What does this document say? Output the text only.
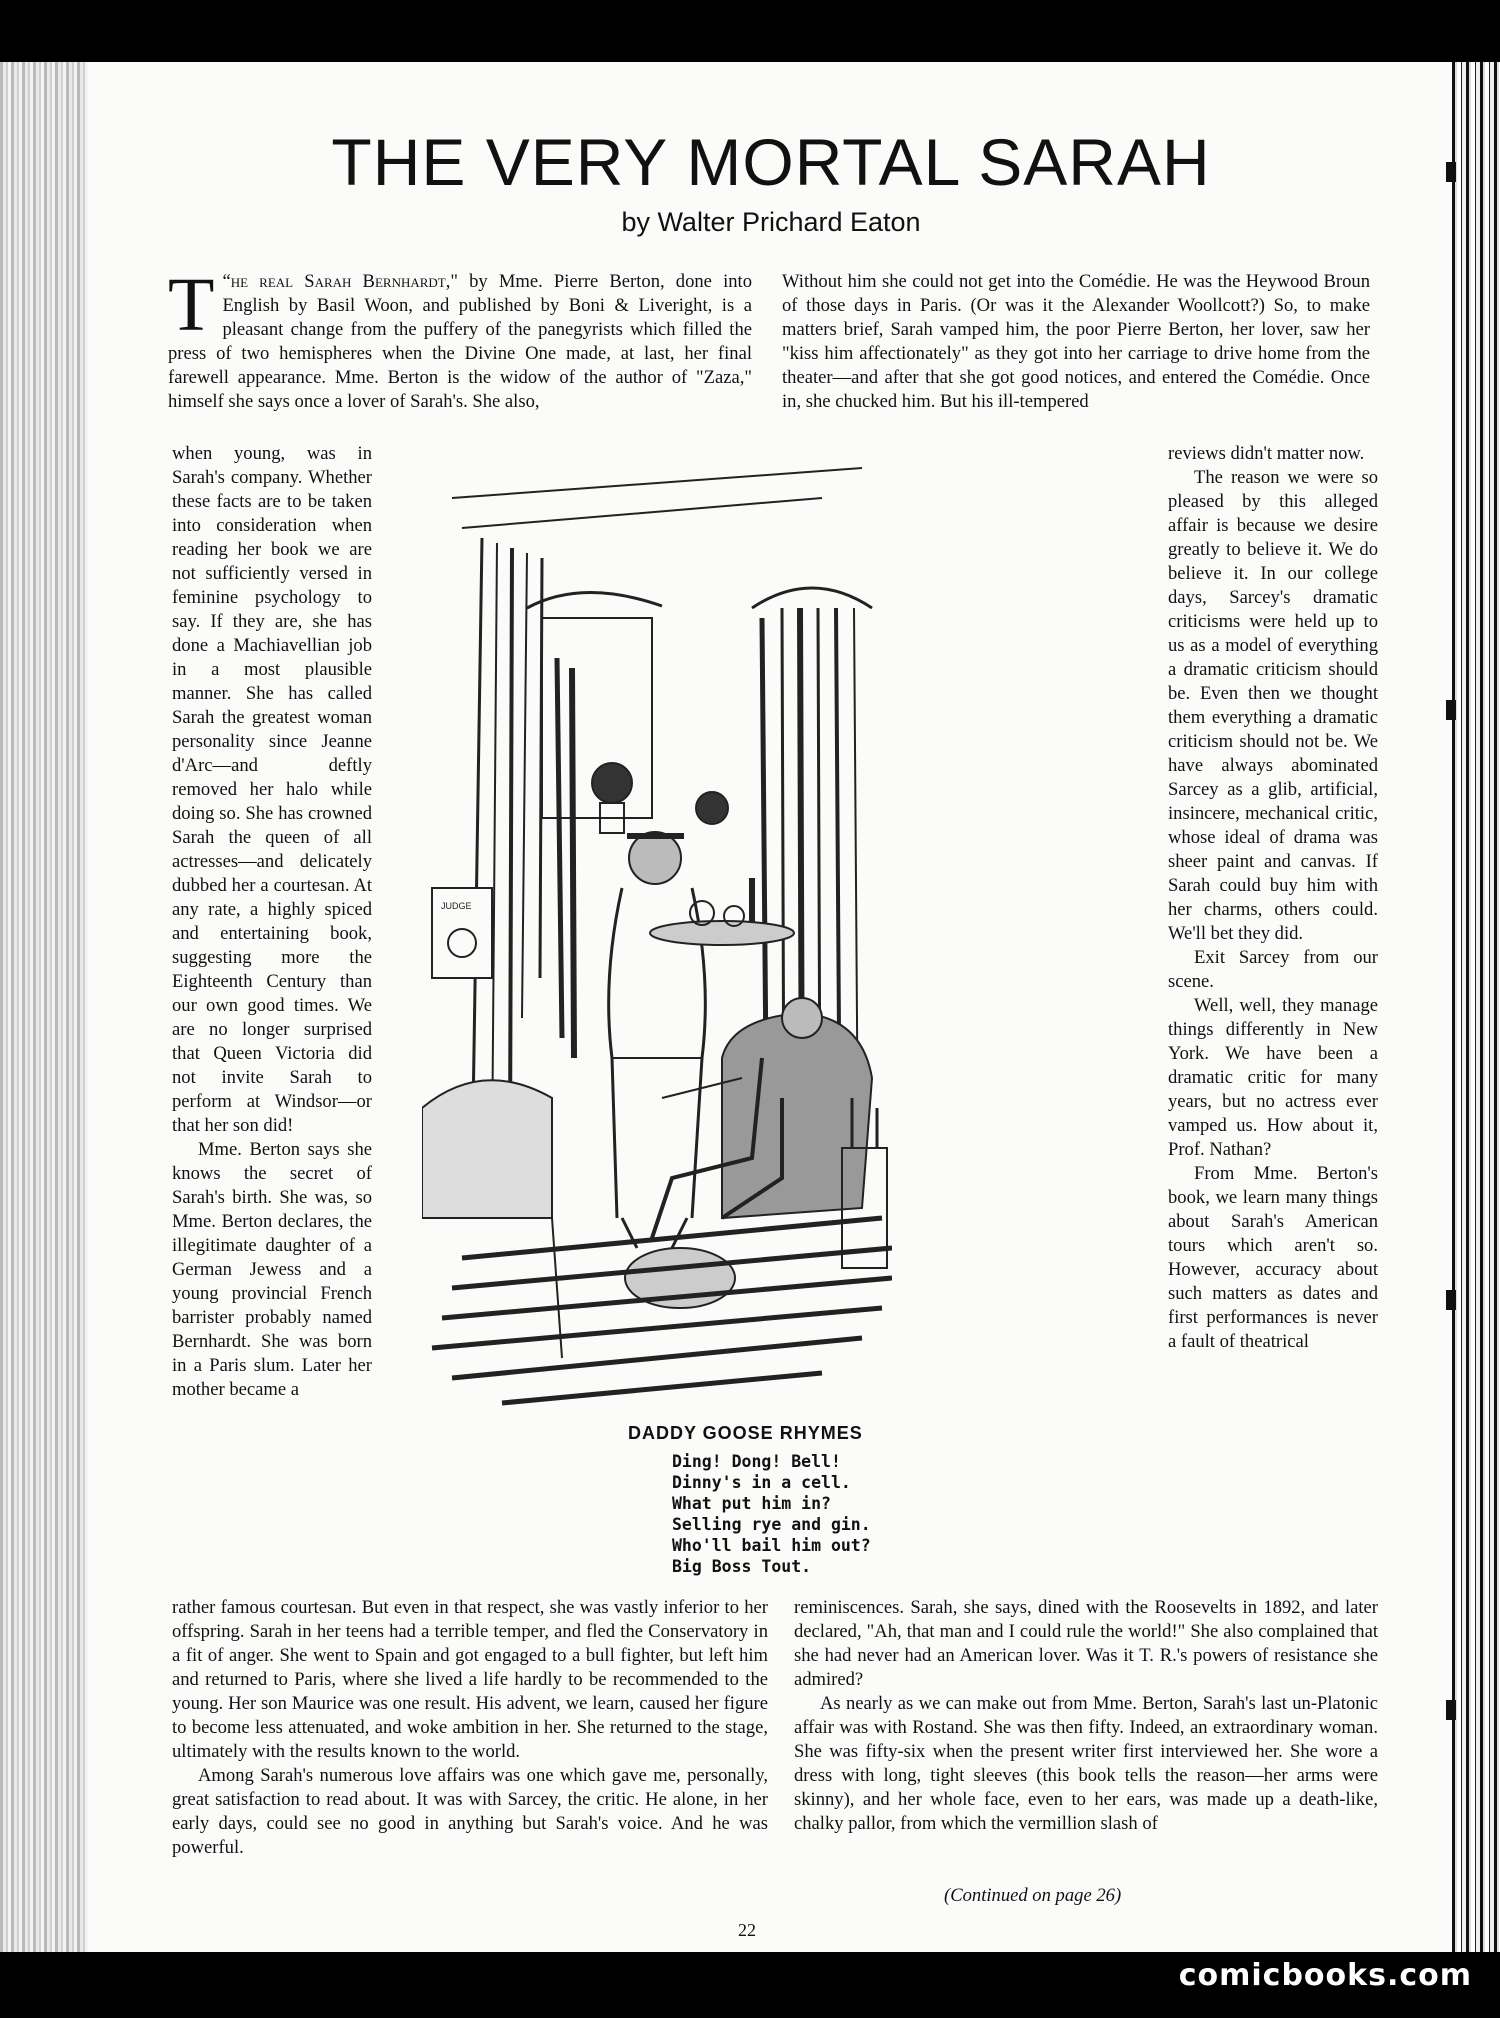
THE VERY MORTAL SARAH
by Walter Prichard Eaton

“
T he real Sarah Bernhardt," by Mme. Pierre Berton, done into English by Basil Woon, and published by Boni & Liveright, is a pleasant change from the puffery of the panegyrists which filled the press of two hemispheres when the Divine One made, at last, her final farewell appearance. Mme. Berton is the widow of the author of "Zaza," himself she says once a lover of Sarah's. She also,

Without him she could not get into the Comédie. He was the Heywood Broun of those days in Paris. (Or was it the Alexander Woollcott?) So, to make matters brief, Sarah vamped him, the poor Pierre Berton, her lover, saw her "kiss him affectionately" as they got into her carriage to drive home from the theater—and after that she got good notices, and entered the Comédie. Once in, she chucked him. But his ill-tempered

when young, was in Sarah's company. Whether these facts are to be taken into consideration when reading her book we are not sufficiently versed in feminine psychology to say. If they are, she has done a Machiavellian job in a most plausible manner. She has called Sarah the greatest woman personality since Jeanne d'Arc—and deftly removed her halo while doing so. She has crowned Sarah the queen of all actresses—and delicately dubbed her a courtesan. At any rate, a highly spiced and entertaining book, suggesting more the Eighteenth Century than our own good times. We are no longer surprised that Queen Victoria did not invite Sarah to perform at Windsor—or that her son did!

Mme. Berton says she knows the secret of Sarah's birth. She was, so Mme. Berton declares, the illegitimate daughter of a German Jewess and a young provincial French barrister probably named Bernhardt. She was born in a Paris slum. Later her mother became a

reviews didn't matter now.

The reason we were so pleased by this alleged affair is because we desire greatly to believe it. We do believe it. In our college days, Sarcey's dramatic criticisms were held up to us as a model of everything a dramatic criticism should be. Even then we thought them everything a dramatic criticism should not be. We have always abominated Sarcey as a glib, artificial, insincere, mechanical critic, whose ideal of drama was sheer paint and canvas. If Sarah could buy him with her charms, others could. We'll bet they did.

Exit Sarcey from our scene.

Well, well, they manage things differently in New York. We have been a dramatic critic for many years, but no actress ever vamped us. How about it, Prof. Nathan?

From Mme. Berton's book, we learn many things about Sarah's American tours which aren't so. However, accuracy about such matters as dates and first performances is never a fault of theatrical

rather famous courtesan. But even in that respect, she was vastly inferior to her offspring. Sarah in her teens had a terrible temper, and fled the Conservatory in a fit of anger. She went to Spain and got engaged to a bull fighter, but left him and returned to Paris, where she lived a life hardly to be recommended to the young. Her son Maurice was one result. His advent, we learn, caused her figure to become less attenuated, and woke ambition in her. She returned to the stage, ultimately with the results known to the world.

Among Sarah's numerous love affairs was one which gave me, personally, great satisfaction to read about. It was with Sarcey, the critic. He alone, in her early days, could see no good in anything but Sarah's voice. And he was powerful.

reminiscences. Sarah, she says, dined with the Roosevelts in 1892, and later declared, "Ah, that man and I could rule the world!" She also complained that she had never had an American lover. Was it T. R.'s powers of resistance she admired?

As nearly as we can make out from Mme. Berton, Sarah's last un-Platonic affair was with Rostand. She was then fifty. Indeed, an extraordinary woman. She was fifty-six when the present writer first interviewed her. She wore a dress with long, tight sleeves (this book tells the reason—her arms were skinny), and her whole face, even to her ears, was made up a death-like, chalky pallor, from which the vermillion slash of

JUDGE
DADDY GOOSE RHYMES
Ding! Dong! Bell!
Dinny's in a cell.
What put him in?
Selling rye and gin.
Who'll bail him out?
Big Boss Tout.
(Continued on page 26)
22
comicbooks.com
